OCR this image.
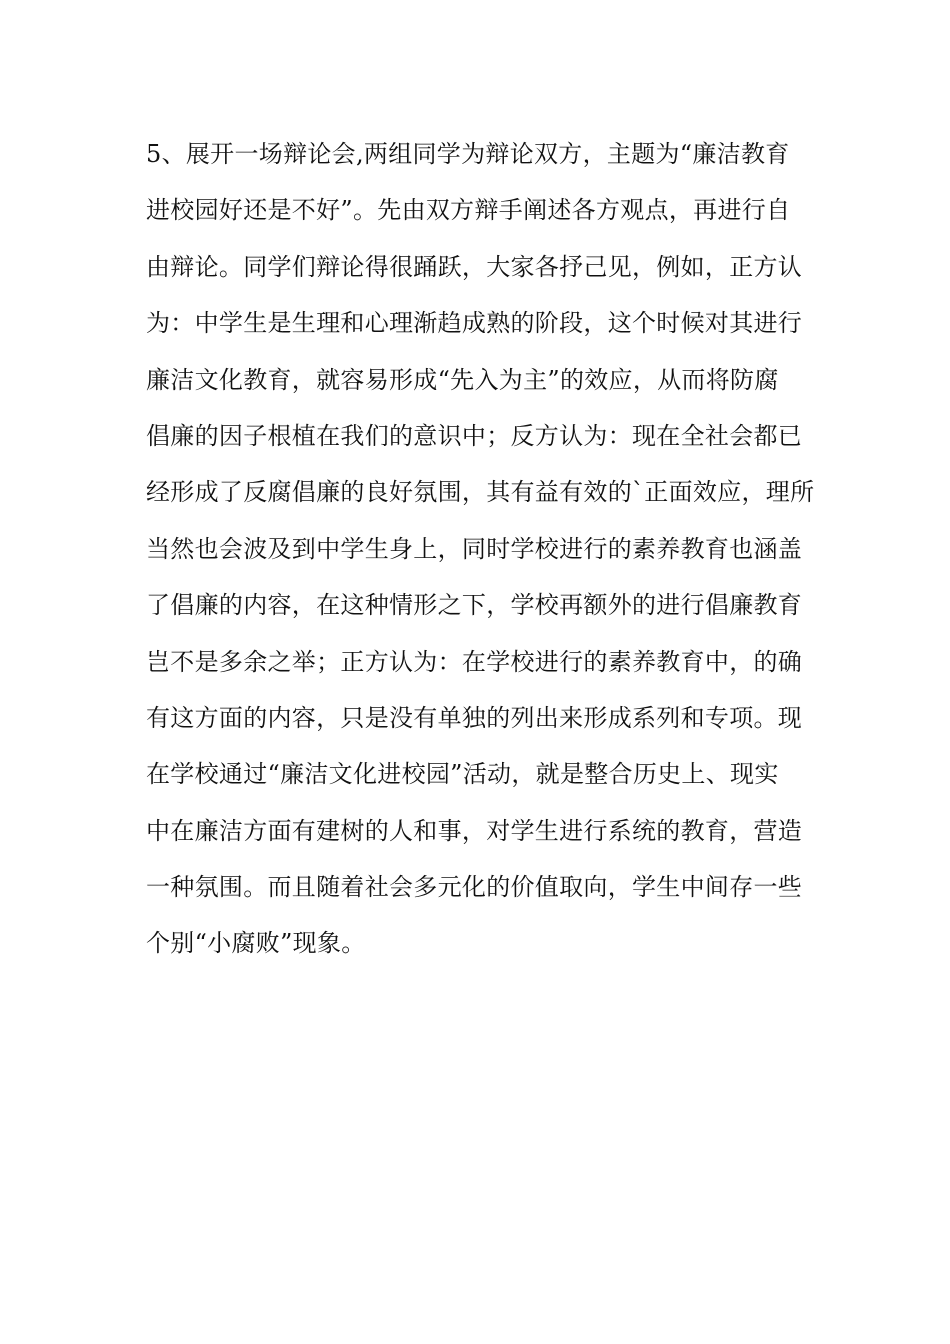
5、展开一场辩论会,两组同学为辩论双方，主题为“廉洁教育
进校园好还是不好”。先由双方辩手阐述各方观点，再进行自
由辩论。同学们辩论得很踊跃，大家各抒己见，例如，正方认
为：中学生是生理和心理渐趋成熟的阶段，这个时候对其进行
廉洁文化教育，就容易形成“先入为主”的效应，从而将防腐
倡廉的因子根植在我们的意识中；反方认为：现在全社会都已
经形成了反腐倡廉的良好氛围，其有益有效的`正面效应，理所
当然也会波及到中学生身上，同时学校进行的素养教育也涵盖
了倡廉的内容，在这种情形之下，学校再额外的进行倡廉教育
岂不是多余之举；正方认为：在学校进行的素养教育中，的确
有这方面的内容，只是没有单独的列出来形成系列和专项。现
在学校通过“廉洁文化进校园”活动，就是整合历史上、现实
中在廉洁方面有建树的人和事，对学生进行系统的教育，营造
一种氛围。而且随着社会多元化的价值取向，学生中间存一些
个别“小腐败”现象。
